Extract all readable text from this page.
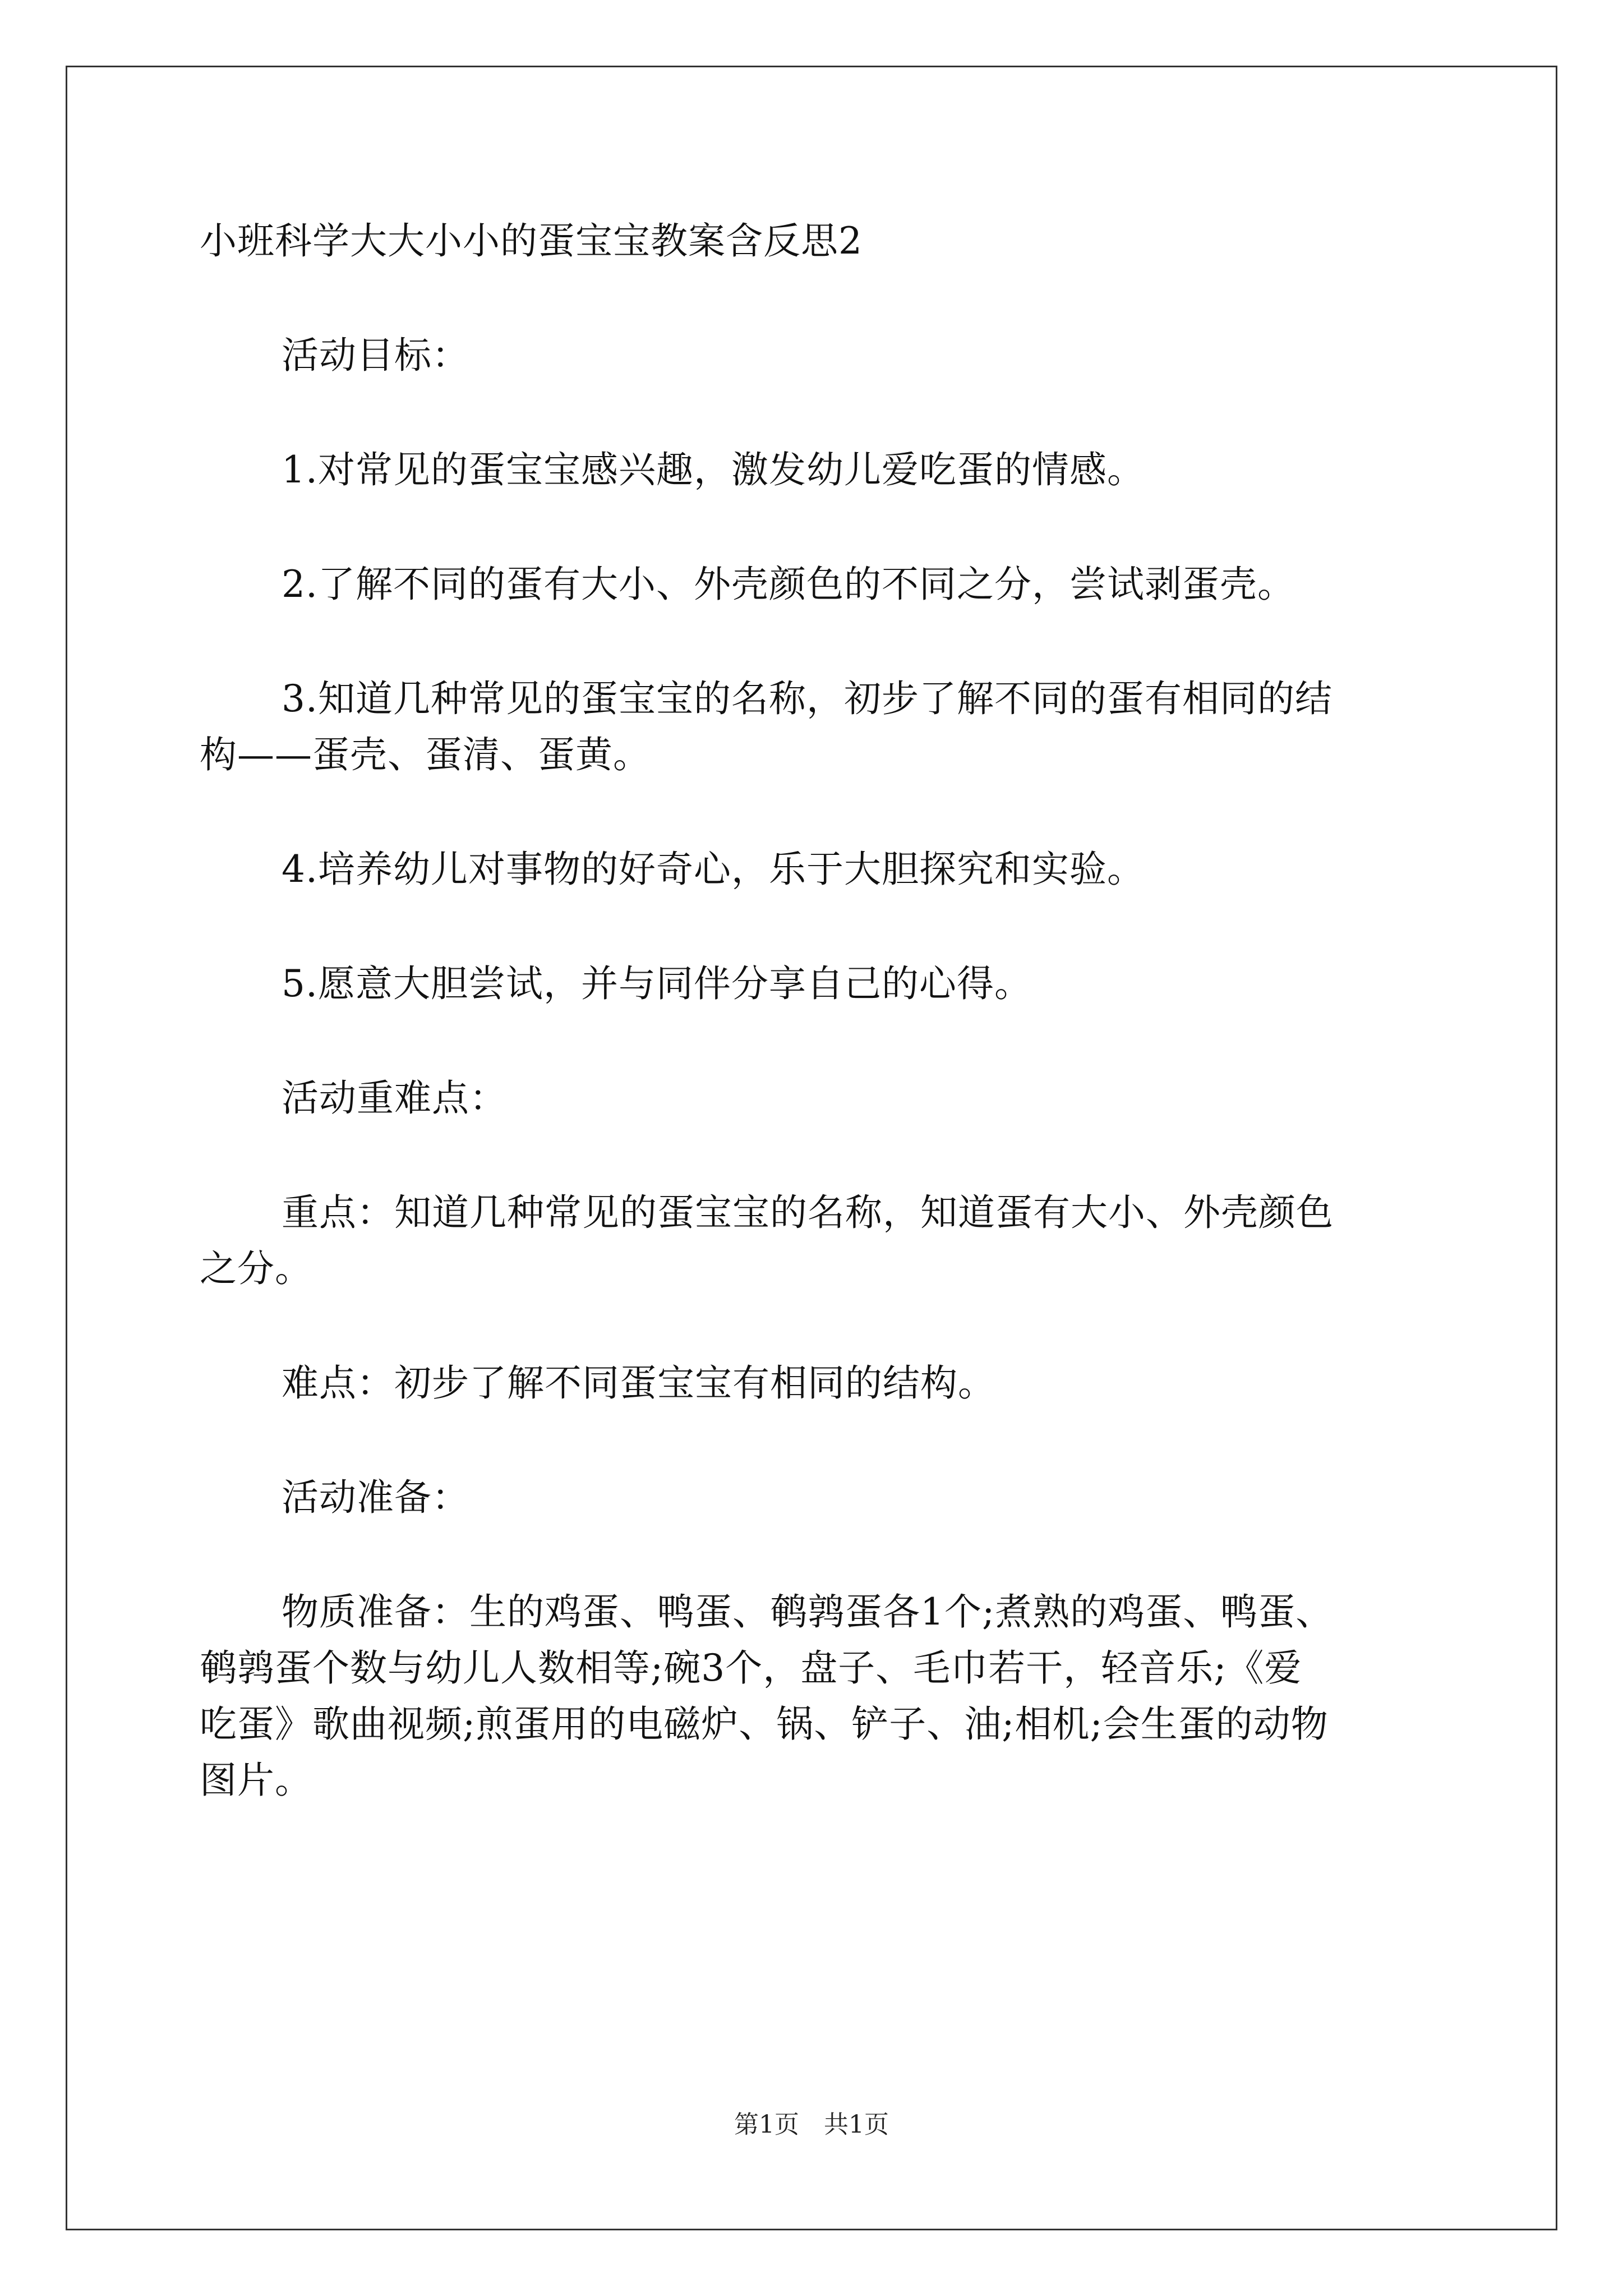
小班科学大大小小的蛋宝宝教案含反思2

活动目标：

1.对常见的蛋宝宝感兴趣，激发幼儿爱吃蛋的情感。

2.了解不同的蛋有大小、外壳颜色的不同之分，尝试剥蛋壳。

3.知道几种常见的蛋宝宝的名称，初步了解不同的蛋有相同的结

构——蛋壳、蛋清、蛋黄。

4.培养幼儿对事物的好奇心，乐于大胆探究和实验。

5.愿意大胆尝试，并与同伴分享自己的心得。

活动重难点：

重点：知道几种常见的蛋宝宝的名称，知道蛋有大小、外壳颜色

之分。

难点：初步了解不同蛋宝宝有相同的结构。

活动准备：

物质准备：生的鸡蛋、鸭蛋、鹌鹑蛋各1个;煮熟的鸡蛋、鸭蛋、

鹌鹑蛋个数与幼儿人数相等;碗3个，盘子、毛巾若干，轻音乐;《爱

吃蛋》歌曲视频;煎蛋用的电磁炉、锅、铲子、油;相机;会生蛋的动物

图片。

第1页　共1页
